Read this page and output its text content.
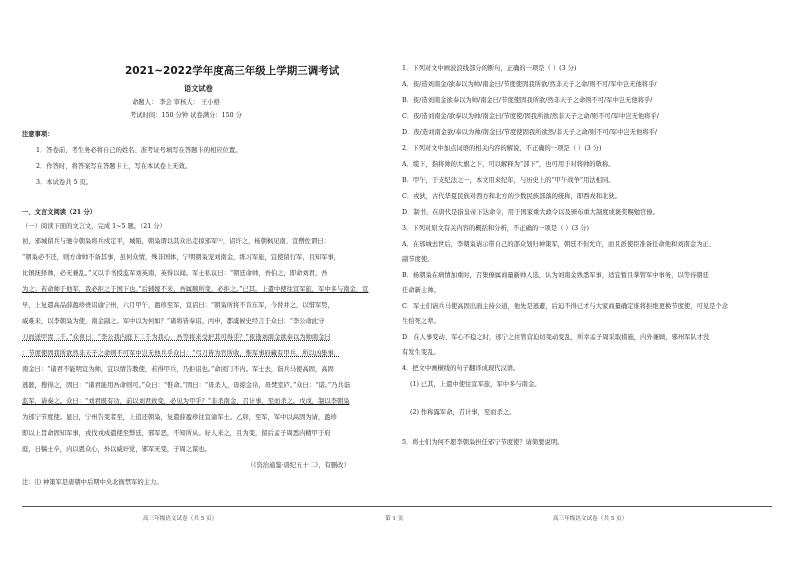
2021~2022学年度高三年级上学期三调考试
语文试卷
命题人： 李会 审核人： 王小格
考试时间：150 分钟 试卷满分：150 分
注意事项：
1．答卷前，考生务必将自己的姓名、准考证号填写在答题卡的相应位置。
2．作答时，将答案写在答题卡上，写在本试卷上无效。
3．本试卷共 5 页。
一、文言文阅读（21 分）
（一）阅读下面的文言文，完成 1~5 题。（21 分）
初，邠城留兵与驰令朝枭将兵戍定平，城陷，朝枭谓以其众出走掠邠军⁽¹⁾，诏许之，杨朝枫见南、宣僧佐谓曰：
“朝枭必不还，则方命帅不备其事，虽何众情，殊非国体，宁明朝枭宠刘南金，练习军旅，宜使留行军，且知军事，
比镇抚择帅，必无兼乱。”又以手书授监军刘英南，英得以闻。军士私议曰：“朝廷命帅，吾伯之，即命刘君，吾
为之；若命帅于他军，我必拒之于国下也。”后辅嫁不来，吾属顺所变，必拒之。”已其。上遣中使往宣军旅，军中多与南金，宣
早，上复遣高品薛盈珍赍诏谕宁州，六月甲午，盈珍至军，宣诏曰：“朝枭所将不肯东军，今替并之，以惜军势，
威难来，以李朝枭为使，南金副之。军中以为何如？”诸将皆奉诏。丙申，都虞候史经言于众曰：“李公命此守
刀而送甲胄二千。”众喜曰：“李公我内庭下二千为我心，吾等将来受护其可得乎？”夜逢刘南金欲奉以为帅南金曰
：节度使固我所欲然非天子之命则不可军中岂无他兵乎众曰：“弓刀皆为官所收，惟军事府藏有甲兵，所以凶集事，
南金曰：“诸君不能明宣为帅，宜以情告教使，若得甲兵，乃拒诏也。”命闭门不内。军士去，诣兵马使高固，高固
逃匿，搜得之，固曰：“诸君能用吾命则可。”众曰：“惟命。”固曰：“毋杀人，毋掠金帛，毋焚室庐。”众曰：“诺。”乃共诣
监军，请奏之。众曰：“刘君既有功，前以刘君致变，必见为甲乎？”非杀南金，召计事，至而杀之。戊戌，制以李朝枭
为邠宁节度使。显日，宁州告变者至，上追还朝枭，复遣薛盈珍往宣谕军士。乙卯，至军，军中以高固为请，盈珍
即以上旨命固知军事，戎伐戎戍遣使至弊廷，邪军恶，不知所从。好人来之，且为变，留后孟子周悉内精甲于府
庭，日犒士卒，内以恩众心，外以威奸党，邪军无变，子周之谋也。
（《资治通鉴·唐纪五十二》，有删改）
注：⑴ 神策军是唐朝中后期中央北衙禁军的主力。
1．下列对文中画波浪线部分的断句，正确的一项是（ ）(3 分)
A．夜/造刘南金/欲奉以为帅/南金曰/节度使固我所欲/然非天子之命/则不可/军中岂无他将乎/
B．夜/造刘南金欲奉以为帅/南金曰/节度使固我所欲/然非天子之命则不可/军中岂无他将乎/
C．夜/造刘南金/欲奉以为帅/南金曰/节度使/固我所欲/然非天子之命/则不可/军中岂无他将乎/
D．夜/造刘南金欲/奉以为帅/南金曰/节度使固我所欲然/非天子之命/则不可/军中岂无他将乎/
2．下列对文中加点词语的相关内容的解说，不正确的一项是（ ）(3 分)
A．缆下，指将帅的大旗之下，可以解释为“部下”，也可用于对将帅的敬称。
B．甲午，于支纪法之一，本文用来纪年，与历史上的“甲午战争”用法相同。
C．戎狄，古代华夏民族对西方和北方的少数民族部落的统称，即西戎和北狄。
D．制书，在唐代是指皇帝下达命令，用于国家重大政令以及颁布重大制度或褒奖赐勉官僚。
3．下列对原文有关内容的概括和分析，不正确的一项是（ ）(3 分)
A．在邠城去世后，李朝枭请示带自己的部众划归神策军，朝廷不但允许，而且派使臣准备任命他和刘南金为正、
副节度使。
B．杨朝枭在病情加重时，召集僚属商量新帅人选，认为刘南金熟悉军事，适宜暂且掌管军中事务，以等待朝廷
任命新主帅。
C．军士们请兵马使高固出面主持公道，他先是逃避，后迫不得已才与大家商量确定谁将拒绝更换节度使，可见是个念
生怕死之辈。
D．在人事变动、军心不稳之时，邠宁之住管营迫切变动变乱，所幸孟子周采取措施，内外兼顾，邪州军队才没
有发生变乱。
4．把文中画横线的句子翻译成现代汉语。
(1) 已其，上遣中使往宣军旅，军中多与南金。
(2) 作称露军命，召计事，至而杀之。
5．将士们为何不愿李朝枭担任邠宁节度使？请简要说明。
高三年级语文试卷（共 5 页）	第 1 页	高三年级语文试卷（共 5 页）
